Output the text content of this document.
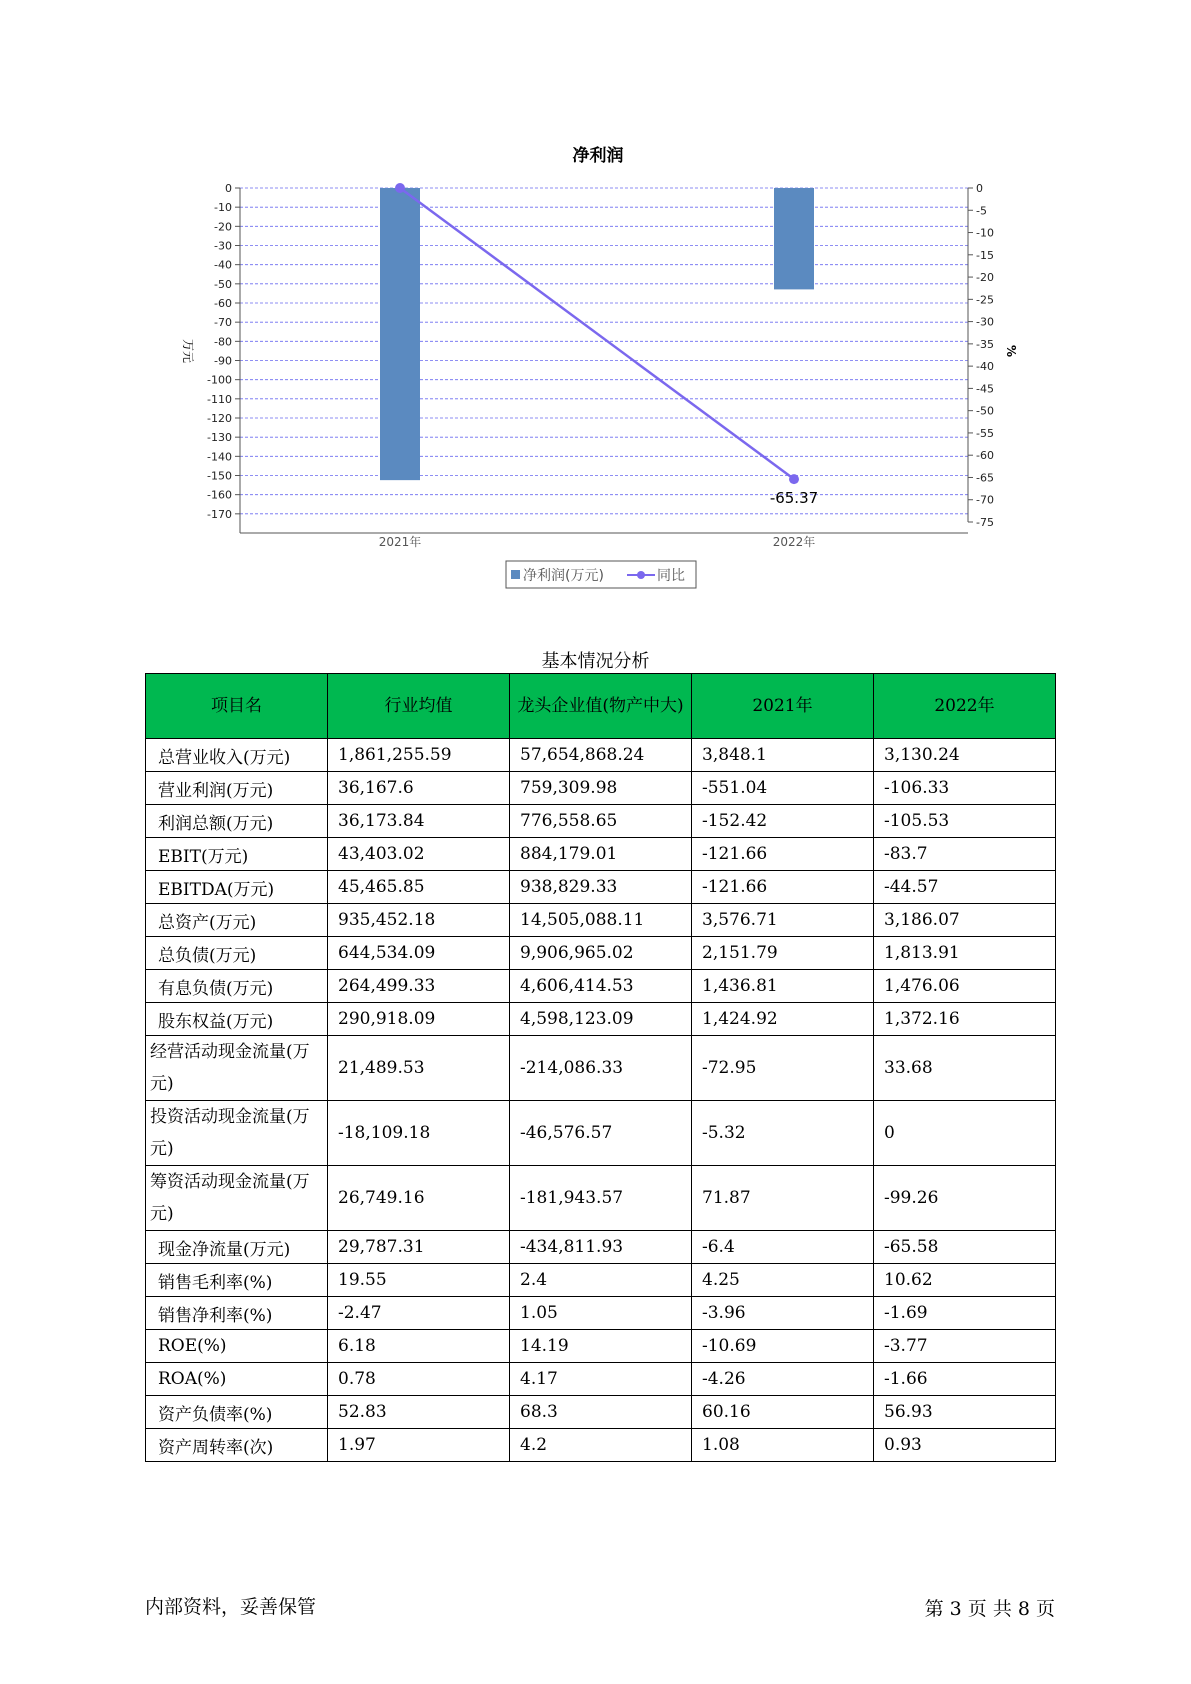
净利润
0
-10
-20
-30
-40
-50
-60
-70
-80
-90
-100
-110
-120
-130
-140
-150
-160
-170
0
-5
-10
-15
-20
-25
-30
-35
-40
-45
-50
-55
-60
-65
-70
-75
万元	%
-65.37
2021年	2022年
净利润(万元)	同比
基本情况分析
项目名	行业均值	龙头企业值(物产中大)	2021年	2022年
总营业收入(万元)	1,861,255.59	57,654,868.24	3,848.1	3,130.24
营业利润(万元)	36,167.6	759,309.98	-551.04	-106.33
利润总额(万元)	36,173.84	776,558.65	-152.42	-105.53
EBIT(万元)	43,403.02	884,179.01	-121.66	-83.7
EBITDA(万元)	45,465.85	938,829.33	-121.66	-44.57
总资产(万元)	935,452.18	14,505,088.11	3,576.71	3,186.07
总负债(万元)	644,534.09	9,906,965.02	2,151.79	1,813.91
有息负债(万元)	264,499.33	4,606,414.53	1,436.81	1,476.06
股东权益(万元)	290,918.09	4,598,123.09	1,424.92	1,372.16
经营活动现金流量(万元)	21,489.53	-214,086.33	-72.95	33.68
投资活动现金流量(万元)	-18,109.18	-46,576.57	-5.32	0
筹资活动现金流量(万元)	26,749.16	-181,943.57	71.87	-99.26
现金净流量(万元)	29,787.31	-434,811.93	-6.4	-65.58
销售毛利率(%)	19.55	2.4	4.25	10.62
销售净利率(%)	-2.47	1.05	-3.96	-1.69
ROE(%)	6.18	14.19	-10.69	-3.77
ROA(%)	0.78	4.17	-4.26	-1.66
资产负债率(%)	52.83	68.3	60.16	56.93
资产周转率(次)	1.97	4.2	1.08	0.93
内部资料，妥善保管	第 3 页 共 8 页
